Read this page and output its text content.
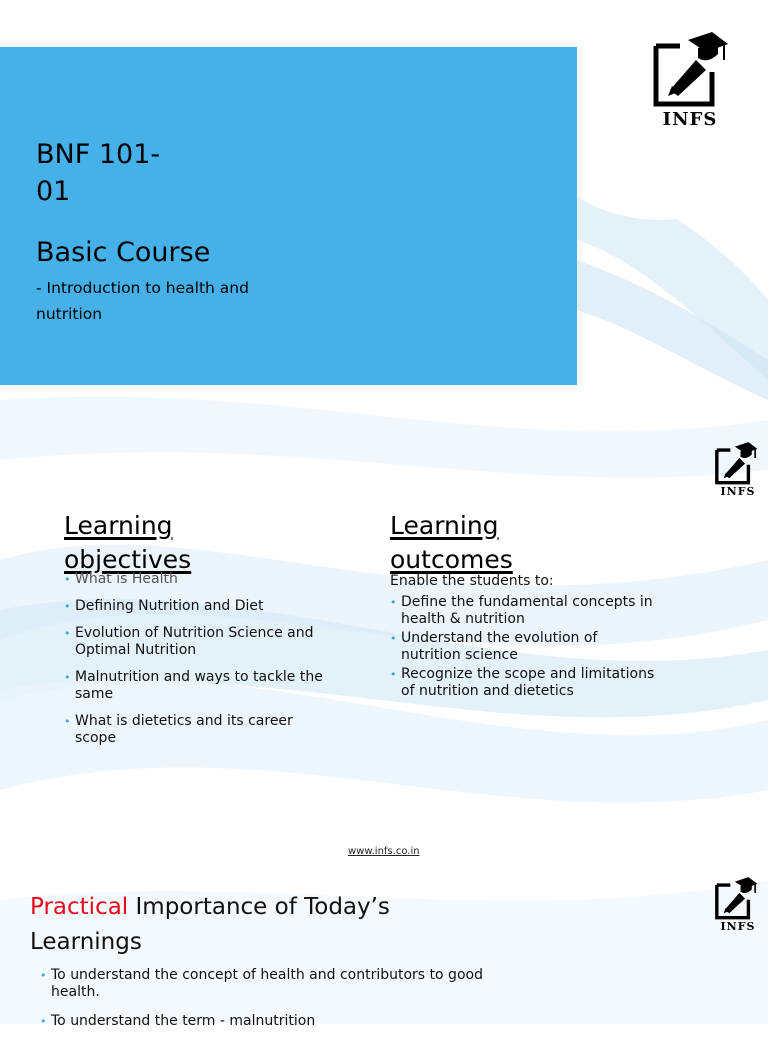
BNF 101-
01
Basic Course
- Introduction to health and nutrition
INFS
INFS
Learning
objectives
• What is Health
• Defining Nutrition and Diet
• Evolution of Nutrition Science and Optimal Nutrition
• Malnutrition and ways to tackle the same
• What is dietetics and its career scope
Learning
outcomes
Enable the students to:
• Define the fundamental concepts in health & nutrition
• Understand the evolution of nutrition science
• Recognize the scope and limitations of nutrition and dietetics
www.infs.co.in
INFS
Practical Importance of Today’s Learnings
• To understand the concept of health and contributors to good health.
• To understand the term - malnutrition
